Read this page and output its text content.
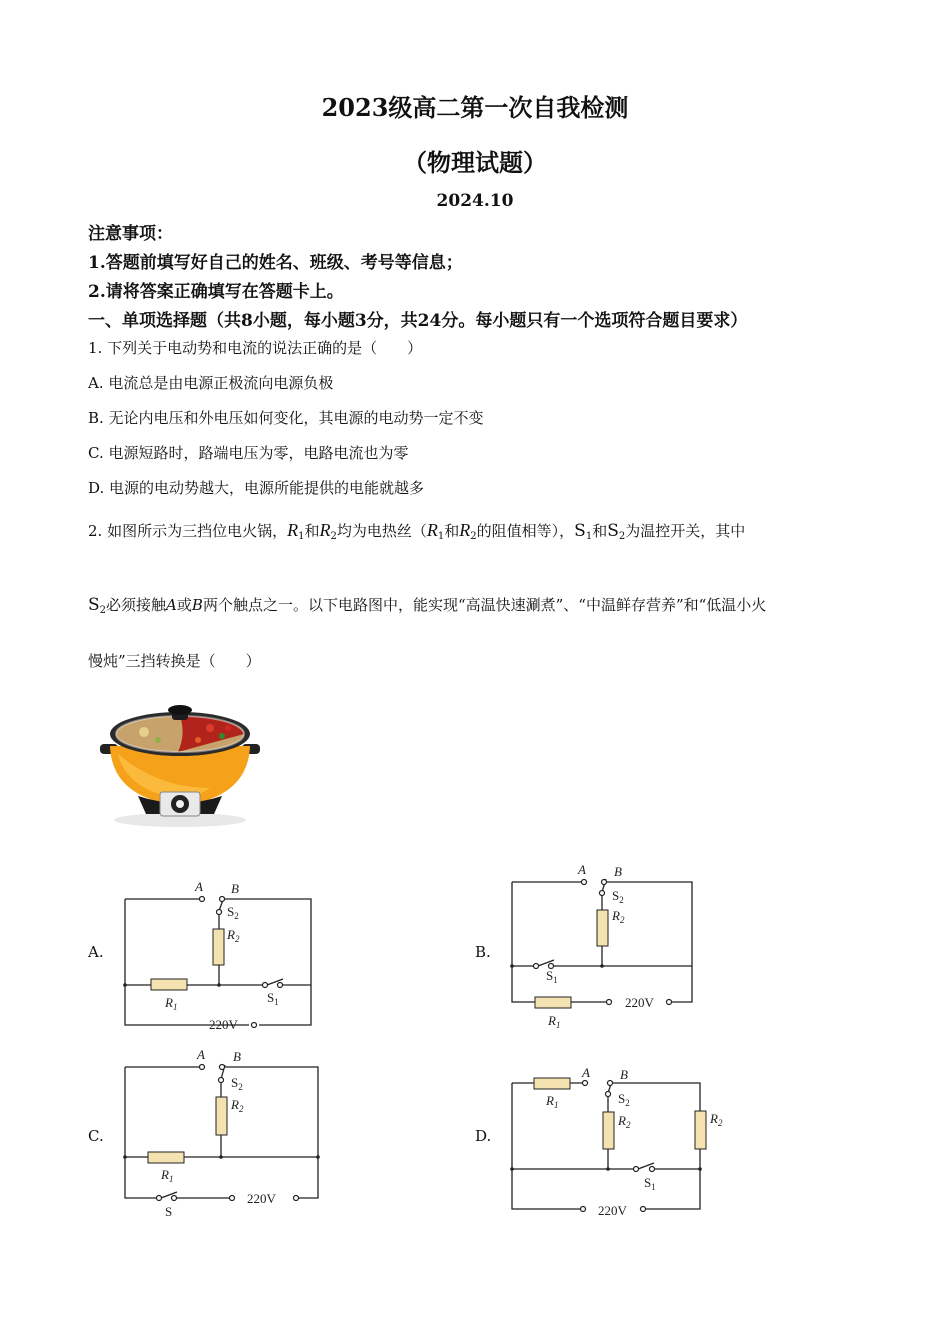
2023级高二第一次自我检测
（物理试题）
2024.10
注意事项：
1.答题前填写好自己的姓名、班级、考号等信息；
2.请将答案正确填写在答题卡上。
一、单项选择题（共8小题，每小题3分，共24分。每小题只有一个选项符合题目要求）
1. 下列关于电动势和电流的说法正确的是（　　）
A. 电流总是由电源正极流向电源负极
B. 无论内电压和外电压如何变化，其电源的电动势一定不变
C. 电源短路时，路端电压为零，电路电流也为零
D. 电源的电动势越大，电源所能提供的电能就越多
2. 如图所示为三挡位电火锅，$R_1$和$R_2$均为电热丝（$R_1$和$R_2$的阻值相等），$S_1$和$S_2$为温控开关，其中
$S_2$必须接触A或B两个触点之一。以下电路图中，能实现“高温快速涮煮”、“中温鲜存营养”和“低温小火
慢炖”三挡转换是（　　）
A.	B.
C.	D.
A B
$S_2$
$R_2$
$R_1$
$S_1$
220V
A B
$S_2$
$R_2$
$S_1$
$R_1$
220V
A B
$S_2$
$R_2$
$R_1$
S
220V
A B
$R_1$	$S_2$
$R_2$	$R_2$
$S_1$
220V
